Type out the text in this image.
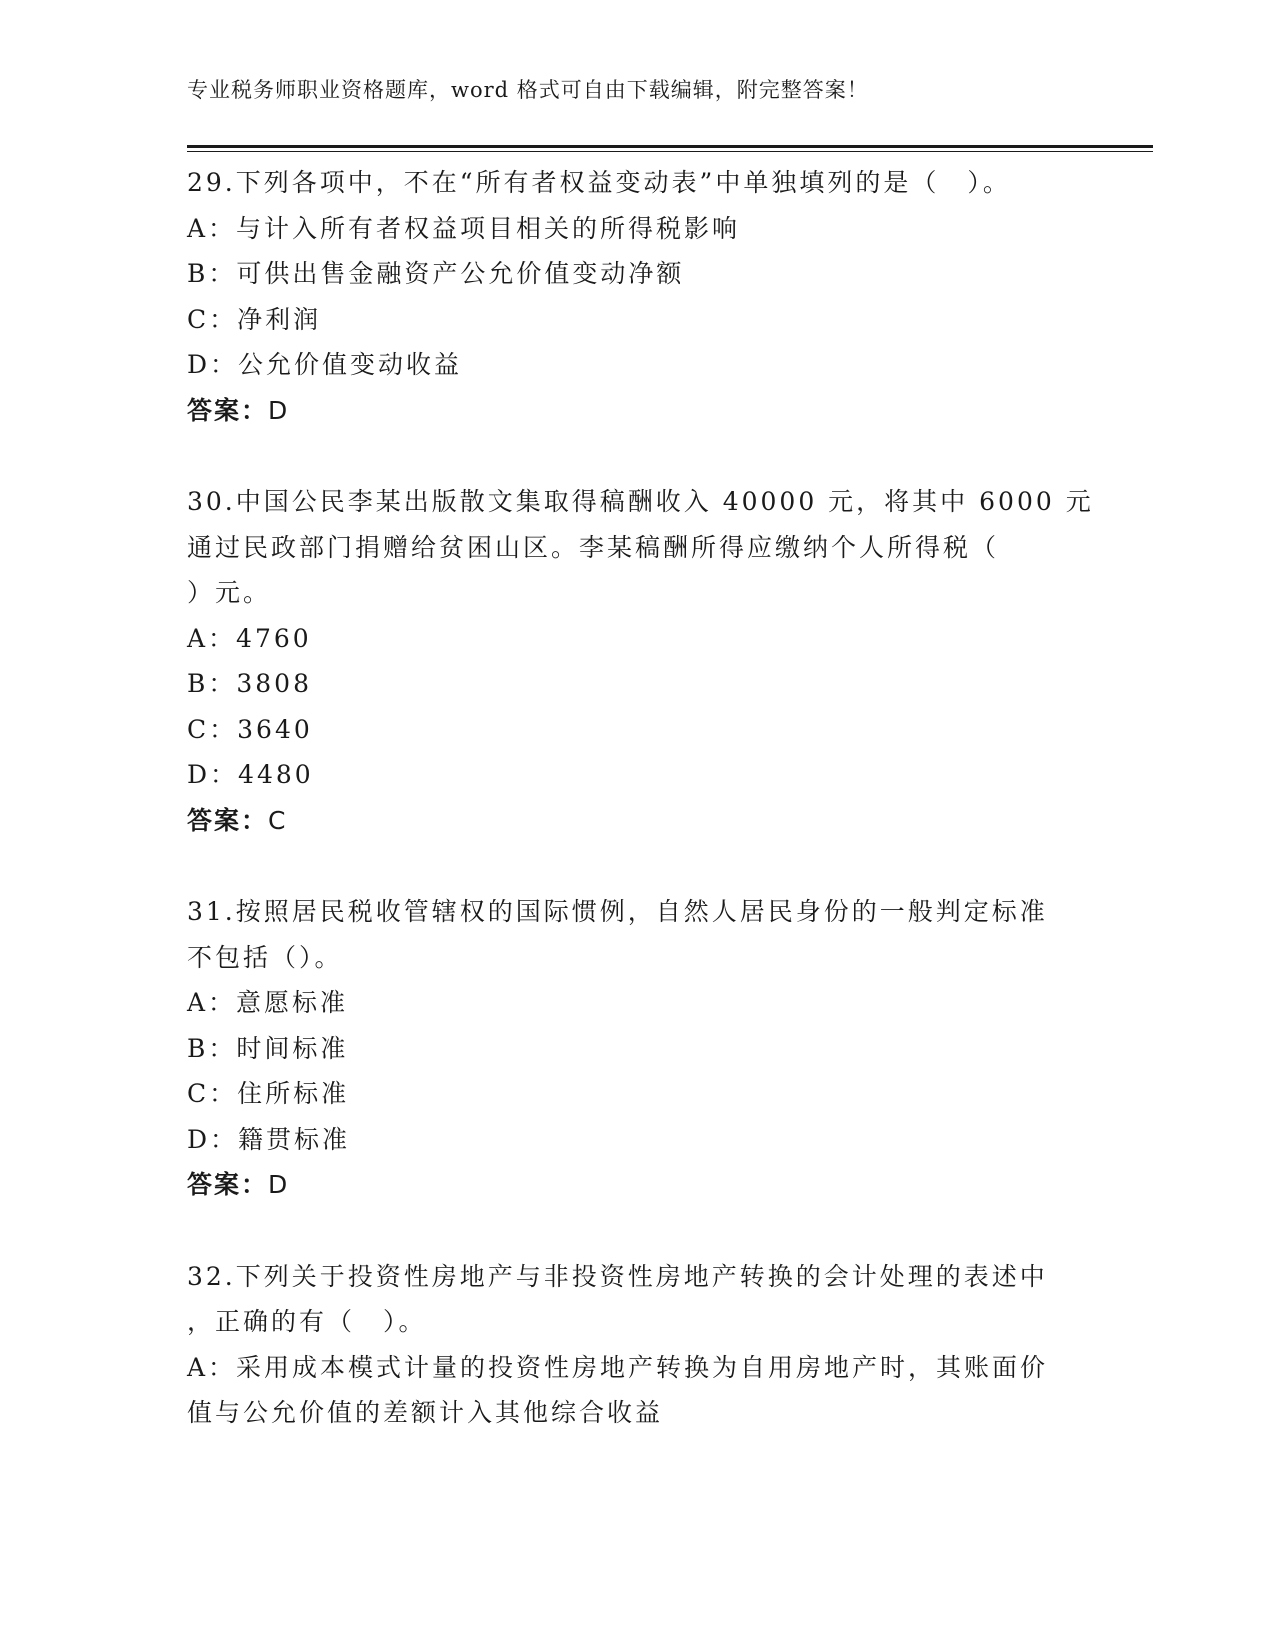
专业税务师职业资格题库，word 格式可自由下载编辑，附完整答案！
29.下列各项中，不在“所有者权益变动表”中单独填列的是（　）。
A：与计入所有者权益项目相关的所得税影响
B：可供出售金融资产公允价值变动净额
C：净利润
D：公允价值变动收益
答案：D
30.中国公民李某出版散文集取得稿酬收入 40000 元，将其中 6000 元
通过民政部门捐赠给贫困山区。李某稿酬所得应缴纳个人所得税（
）元。
A：4760
B：3808
C：3640
D：4480
答案：C
31.按照居民税收管辖权的国际惯例，自然人居民身份的一般判定标准
不包括（）。
A：意愿标准
B：时间标准
C：住所标准
D：籍贯标准
答案：D
32.下列关于投资性房地产与非投资性房地产转换的会计处理的表述中
，正确的有（　）。
A：采用成本模式计量的投资性房地产转换为自用房地产时，其账面价
值与公允价值的差额计入其他综合收益
